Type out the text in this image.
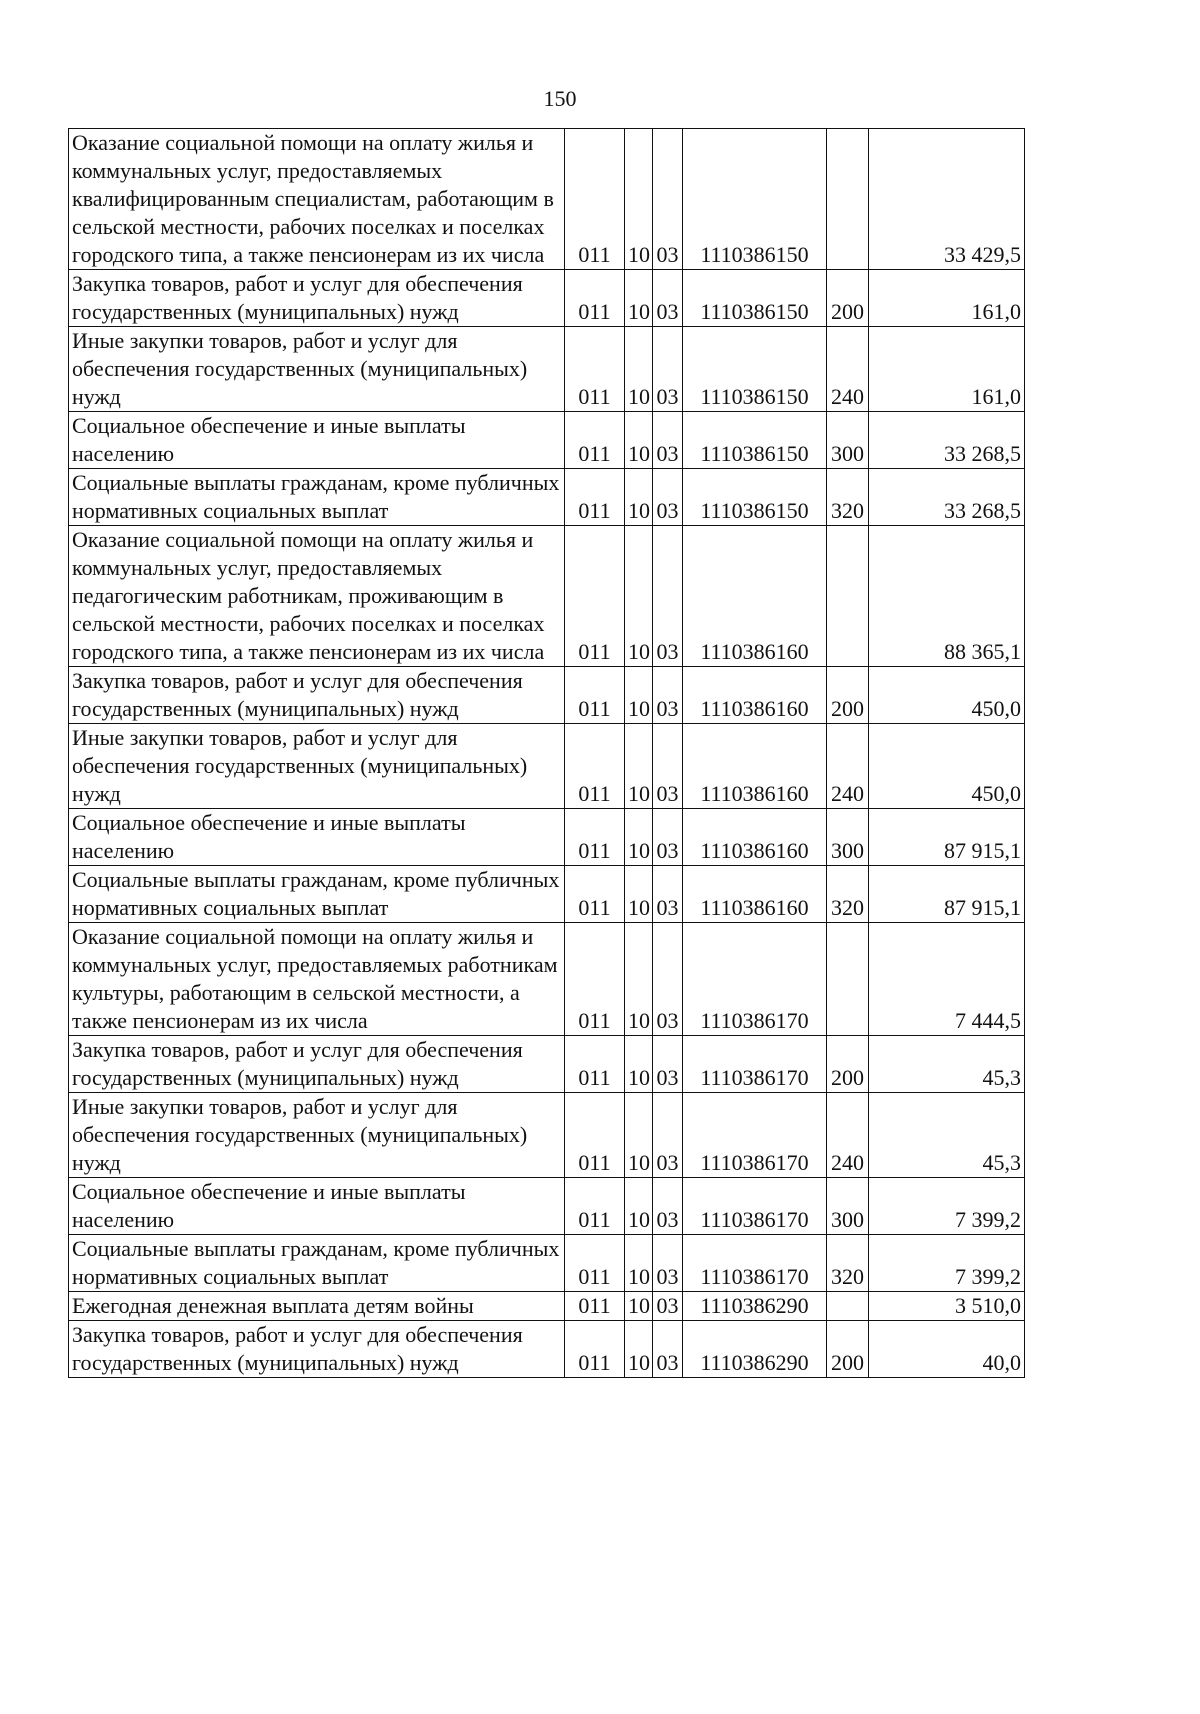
150
Оказание социальной помощи на оплату жилья и коммунальных услуг, предоставляемых квалифицированным специалистам, работающим в сельской местности, рабочих поселках и поселках городского типа, а также пенсионерам из их числа	011	10	03	1110386150		33 429,5
Закупка товаров, работ и услуг для обеспечения государственных (муниципальных) нужд	011	10	03	1110386150	200	161,0
Иные закупки товаров, работ и услуг для обеспечения государственных (муниципальных) нужд	011	10	03	1110386150	240	161,0
Социальное обеспечение и иные выплаты населению	011	10	03	1110386150	300	33 268,5
Социальные выплаты гражданам, кроме публичных нормативных социальных выплат	011	10	03	1110386150	320	33 268,5
Оказание социальной помощи на оплату жилья и коммунальных услуг, предоставляемых педагогическим работникам, проживающим в сельской местности, рабочих поселках и поселках городского типа, а также пенсионерам из их числа	011	10	03	1110386160		88 365,1
Закупка товаров, работ и услуг для обеспечения государственных (муниципальных) нужд	011	10	03	1110386160	200	450,0
Иные закупки товаров, работ и услуг для обеспечения государственных (муниципальных) нужд	011	10	03	1110386160	240	450,0
Социальное обеспечение и иные выплаты населению	011	10	03	1110386160	300	87 915,1
Социальные выплаты гражданам, кроме публичных нормативных социальных выплат	011	10	03	1110386160	320	87 915,1
Оказание социальной помощи на оплату жилья и коммунальных услуг, предоставляемых работникам культуры, работающим в сельской местности, а также пенсионерам из их числа	011	10	03	1110386170		7 444,5
Закупка товаров, работ и услуг для обеспечения государственных (муниципальных) нужд	011	10	03	1110386170	200	45,3
Иные закупки товаров, работ и услуг для обеспечения государственных (муниципальных) нужд	011	10	03	1110386170	240	45,3
Социальное обеспечение и иные выплаты населению	011	10	03	1110386170	300	7 399,2
Социальные выплаты гражданам, кроме публичных нормативных социальных выплат	011	10	03	1110386170	320	7 399,2
Ежегодная денежная выплата детям войны	011	10	03	1110386290		3 510,0
Закупка товаров, работ и услуг для обеспечения государственных (муниципальных) нужд	011	10	03	1110386290	200	40,0
